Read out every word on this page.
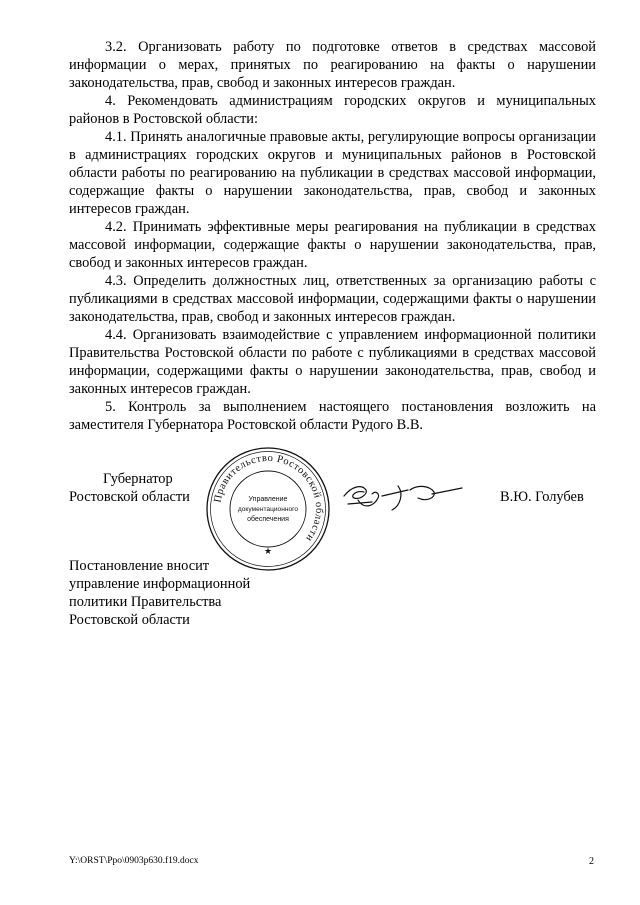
3.2. Организовать работу по подготовке ответов в средствах массовой информации о мерах, принятых по реагированию на факты о нарушении законодательства, прав, свобод и законных интересов граждан.

4. Рекомендовать администрациям городских округов и муниципальных районов в Ростовской области:

4.1. Принять аналогичные правовые акты, регулирующие вопросы организации в администрациях городских округов и муниципальных районов в Ростовской области работы по реагированию на публикации в средствах массовой информации, содержащие факты о нарушении законодательства, прав, свобод и законных интересов граждан.

4.2. Принимать эффективные меры реагирования на публикации в средствах массовой информации, содержащие факты о нарушении законодательства, прав, свобод и законных интересов граждан.

4.3. Определить должностных лиц, ответственных за организацию работы с публикациями в средствах массовой информации, содержащими факты о нарушении законодательства, прав, свобод и законных интересов граждан.

4.4. Организовать взаимодействие с управлением информационной политики Правительства Ростовской области по работе с публикациями в средствах массовой информации, содержащими факты о нарушении законодательства, прав, свобод и законных интересов граждан.

5. Контроль за выполнением настоящего постановления возложить на заместителя Губернатора Ростовской области Рудого В.В.

Губернатор
Ростовской области Правительство Ростовской области
★
Управление
документационного
обеспечения
В.Ю. Голубев
Постановление вносит
управление информационной
политики Правительства
Ростовской области
Y:\ORST\Ppo\0903p630.f19.docx	2
